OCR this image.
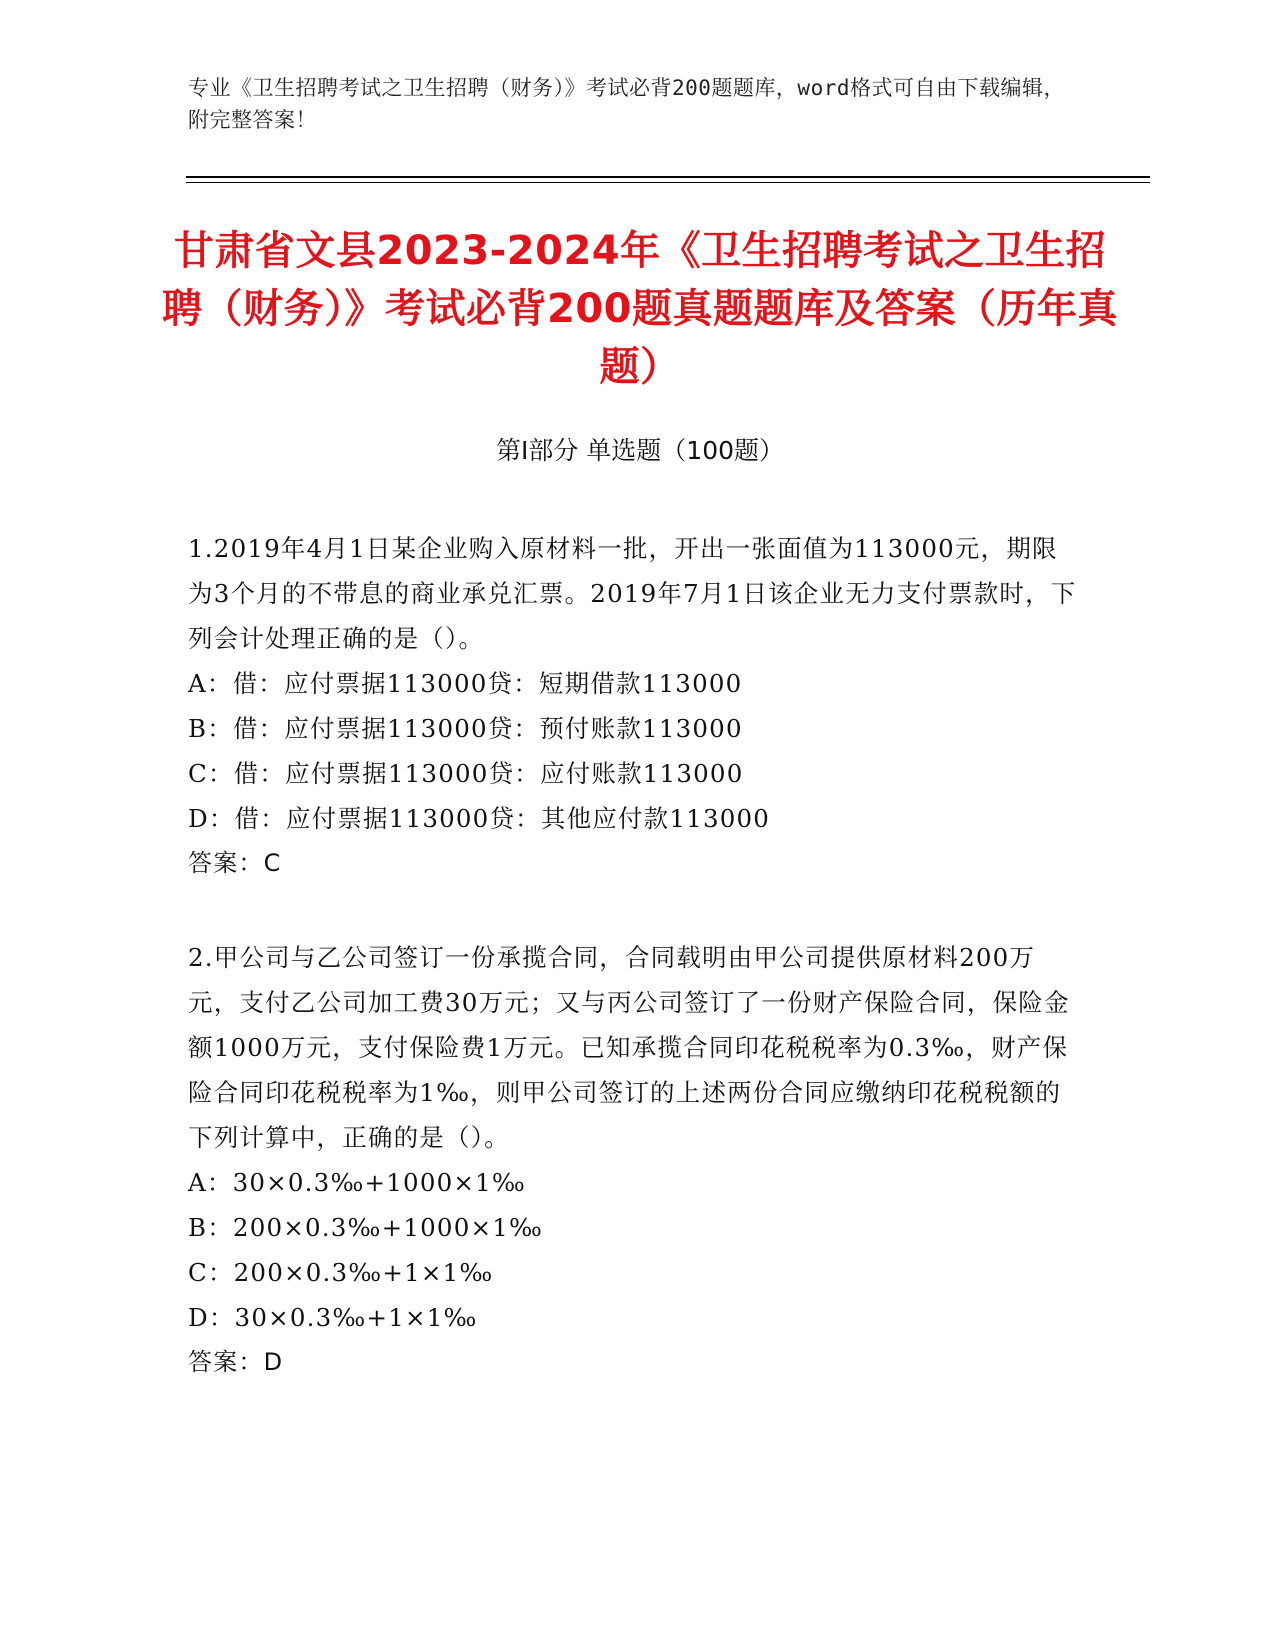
专业《卫生招聘考试之卫生招聘（财务）》考试必背200题题库，word格式可自由下载编辑，附完整答案！
甘肃省文县2023-2024年《卫生招聘考试之卫生招聘（财务）》考试必背200题真题题库及答案（历年真题）
第Ⅰ部分 单选题（100题）

1.2019年4月1日某企业购入原材料一批，开出一张面值为113000元，期限为3个月的不带息的商业承兑汇票。2019年7月1日该企业无力支付票款时，下列会计处理正确的是（）。

A：借：应付票据113000贷：短期借款113000

B：借：应付票据113000贷：预付账款113000

C：借：应付票据113000贷：应付账款113000

D：借：应付票据113000贷：其他应付款113000

答案：C

2.甲公司与乙公司签订一份承揽合同，合同载明由甲公司提供原材料200万元，支付乙公司加工费30万元；又与丙公司签订了一份财产保险合同，保险金额1000万元，支付保险费1万元。已知承揽合同印花税税率为0.3‰，财产保险合同印花税税率为1‰，则甲公司签订的上述两份合同应缴纳印花税税额的下列计算中，正确的是（）。

A：30×0.3‰+1000×1‰

B：200×0.3‰+1000×1‰

C：200×0.3‰+1×1‰

D：30×0.3‰+1×1‰

答案：D
